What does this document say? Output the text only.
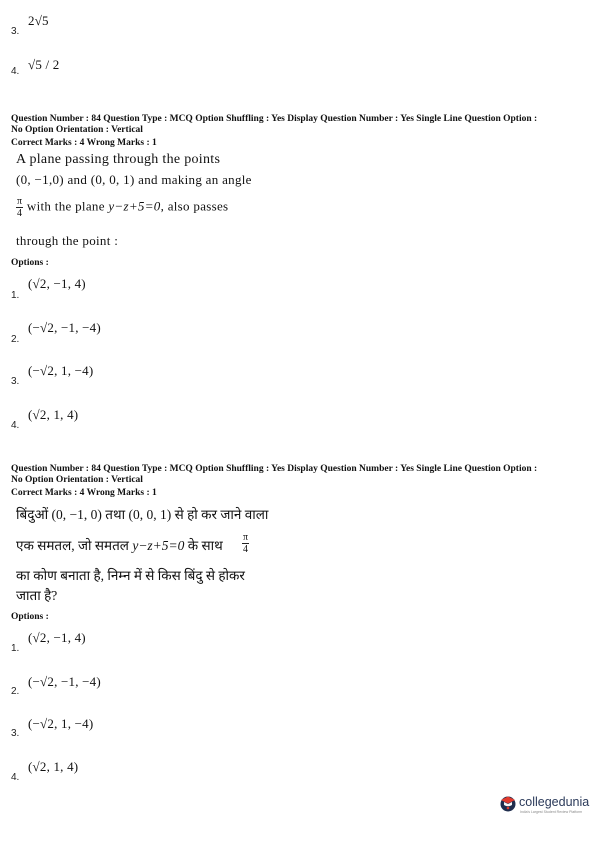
3.
2√5
4. √5 / 2
Question Number : 84 Question Type : MCQ Option Shuffling : Yes Display Question Number : Yes Single Line Question Option :
No Option Orientation : Vertical
Correct Marks : 4 Wrong Marks : 1
A plane passing through the points
(0, −1,0) and (0, 0, 1) and making an angle
$\frac{\pi}{4}$ with the plane y−z+5=0, also passes
through the point :
Options :
1.
(√2, −1, 4)
2.
(−√2, −1, −4)
3.
(−√2, 1, −4)
4.
(√2, 1, 4)
Question Number : 84 Question Type : MCQ Option Shuffling : Yes Display Question Number : Yes Single Line Question Option :
No Option Orientation : Vertical
Correct Marks : 4 Wrong Marks : 1
बिंदुओं (0, −1, 0) तथा (0, 0, 1) से हो कर जाने वाला
एक समतल, जो समतल y−z+5=0 के साथ $\frac{\pi}{4}$
का कोण बनाता है, निम्न में से किस बिंदु से होकर
जाता है?
Options :
1.
(√2, −1, 4)
2.
(−√2, −1, −4)
3.
(−√2, 1, −4)
4.
(√2, 1, 4)
collegedunia
India's Largest Student Review Platform
